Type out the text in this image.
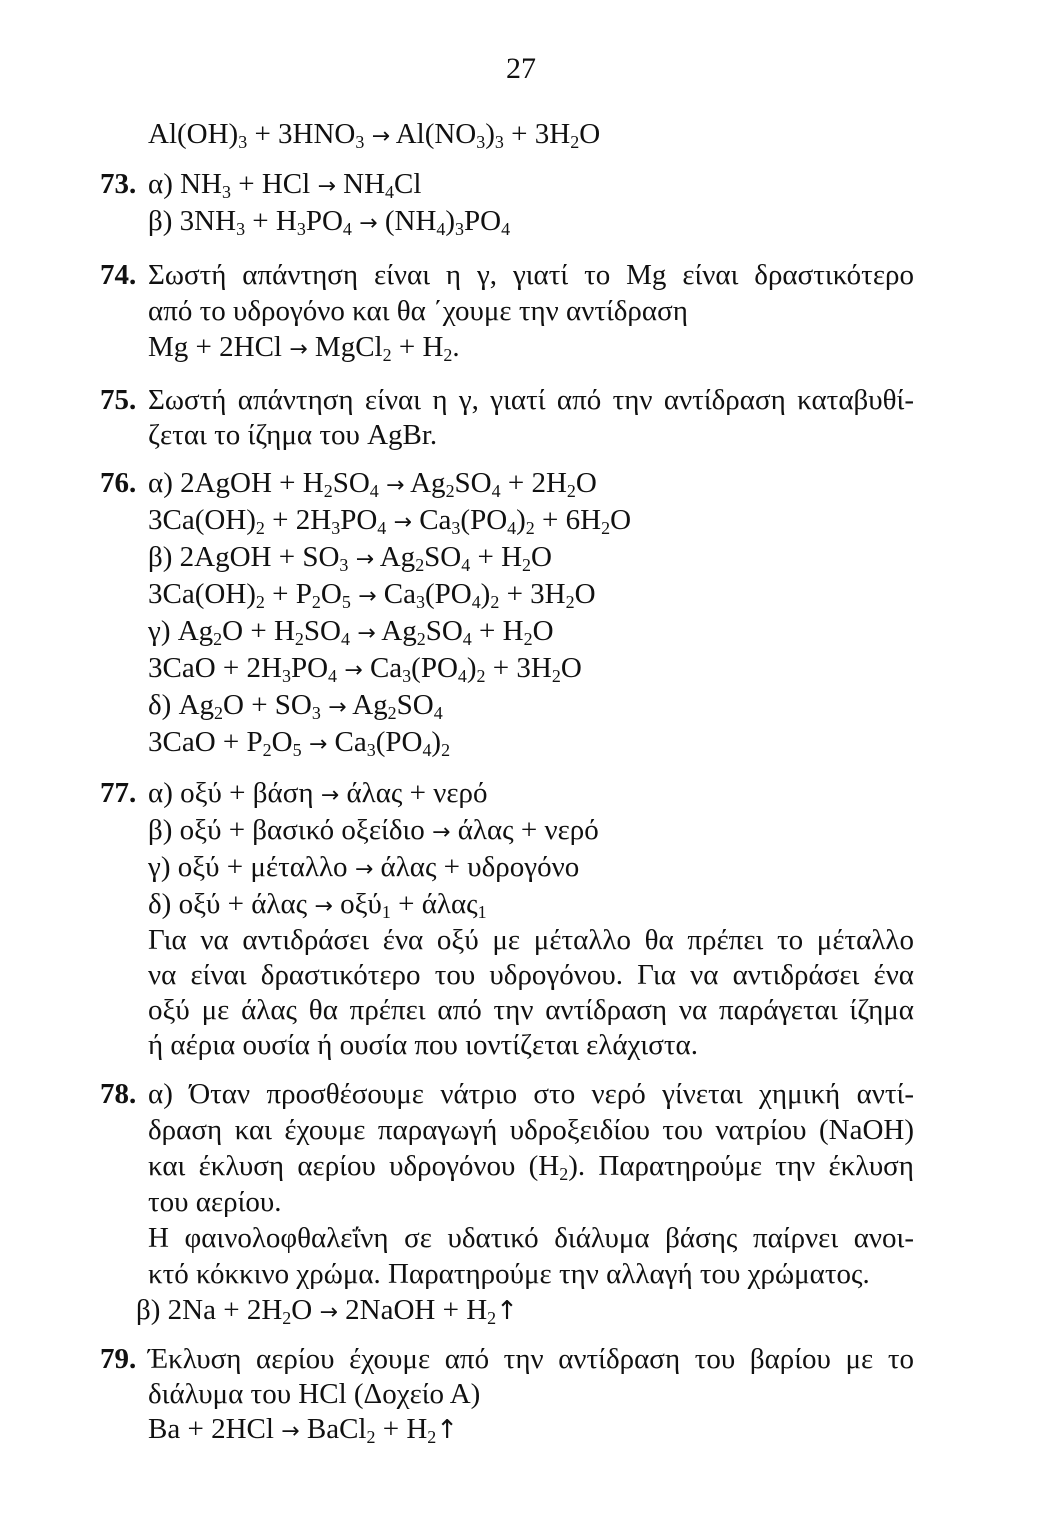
27
$Al(OH)_3 + 3HNO_3 \to Al(NO_3)_3 + 3H_2O$
73. α) $NH_3$ + HCl → $NH_4Cl$
β) $3NH_3 + H_3PO_4 \to (NH_4)_3PO_4$
74. Σωστή απάντηση είναι η γ, γιατί το Mg είναι δραστικότερο
από το υδρογόνο και θα ΄χουμε την αντίδραση
Mg + 2HCl → MgCl$_2$ + $H_2$.
75. Σωστή απάντηση είναι η γ, γιατί από την αντίδραση καταβυθί-
ζεται το ίζημα του AgBr.
76. α) 2AgOH + $H_2SO_4 \to Ag_2SO_4 + 2H_2O$
$3Ca(OH)_2 + 2H_3PO_4 \to Ca_3(PO_4)_2 + 6H_2O$
β) 2AgOH + $SO_3 \to Ag_2SO_4 + H_2O$
$3Ca(OH)_2 + P_2O_5 \to Ca_3(PO_4)_2 + 3H_2O$
γ) $Ag_2O + H_2SO_4 \to Ag_2SO_4 + H_2O$
$3CaO + 2H_3PO_4 \to Ca_3(PO_4)_2 + 3H_2O$
δ) $Ag_2O + SO_3 \to Ag_2SO_4$
$3CaO + P_2O_5 \to Ca_3(PO_4)_2$
77. α) οξύ + βάση → άλας + νερό
β) οξύ + βασικό οξείδιο → άλας + νερό
γ) οξύ + μέταλλο → άλας + υδρογόνο
δ) οξύ + άλας → οξύ$_1$ + άλας$_1$
Για να αντιδράσει ένα οξύ με μέταλλο θα πρέπει το μέταλλο
να είναι δραστικότερο του υδρογόνου. Για να αντιδράσει ένα
οξύ με άλας θα πρέπει από την αντίδραση να παράγεται ίζημα
ή αέρια ουσία ή ουσία που ιοντίζεται ελάχιστα.
78. α) Όταν προσθέσουμε νάτριο στο νερό γίνεται χημική αντί-
δραση και έχουμε παραγωγή υδροξειδίου του νατρίου (NaOH)
και έκλυση αερίου υδρογόνου $(H_2)$. Παρατηρούμε την έκλυση
του αερίου.
Η φαινολοφθαλεΐνη σε υδατικό διάλυμα βάσης παίρνει ανοι-
κτό κόκκινο χρώμα. Παρατηρούμε την αλλαγή του χρώματος.
β) $2Na + 2H_2O$ → 2NaOH + $H_2↑$
79. Έκλυση αερίου έχουμε από την αντίδραση του βαρίου με το
διάλυμα του HCl (Δοχείο Α)
Ba + 2HCl → BaCl$_2$ + $H_2↑$
